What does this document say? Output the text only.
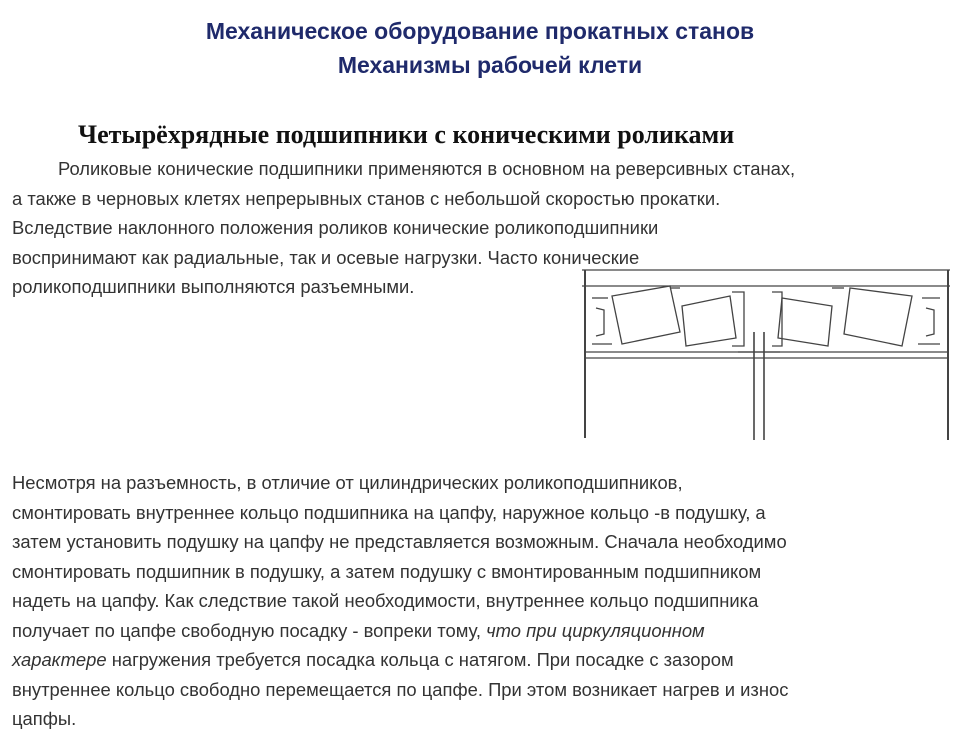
Механическое оборудование прокатных станов
Механизмы рабочей клети
Четырёхрядные подшипники с коническими роликами

Роликовые конические подшипники применяются в основном на реверсивных станах,
а также в черновых клетях непрерывных станов с небольшой скоростью прокатки.
Вследствие наклонного положения роликов конические роликоподшипники
воспринимают как радиальные, так и осевые нагрузки. Часто конические
роликоподшипники выполняются разъемными.

Несмотря на разъемность, в отличие от цилиндрических роликоподшипников,
смонтировать внутреннее кольцо подшипника на цапфу, наружное кольцо -в подушку, а
затем установить подушку на цапфу не представляется возможным. Сначала необходимо
смонтировать подшипник в подушку, а затем подушку с вмонтированным подшипником
надеть на цапфу. Как следствие такой необходимости, внутреннее кольцо подшипника
получает по цапфе свободную посадку - вопреки тому, что при циркуляционном
характере нагружения требуется посадка кольца с натягом. При посадке с зазором
внутреннее кольцо свободно перемещается по цапфе. При этом возникает нагрев и износ
цапфы.
